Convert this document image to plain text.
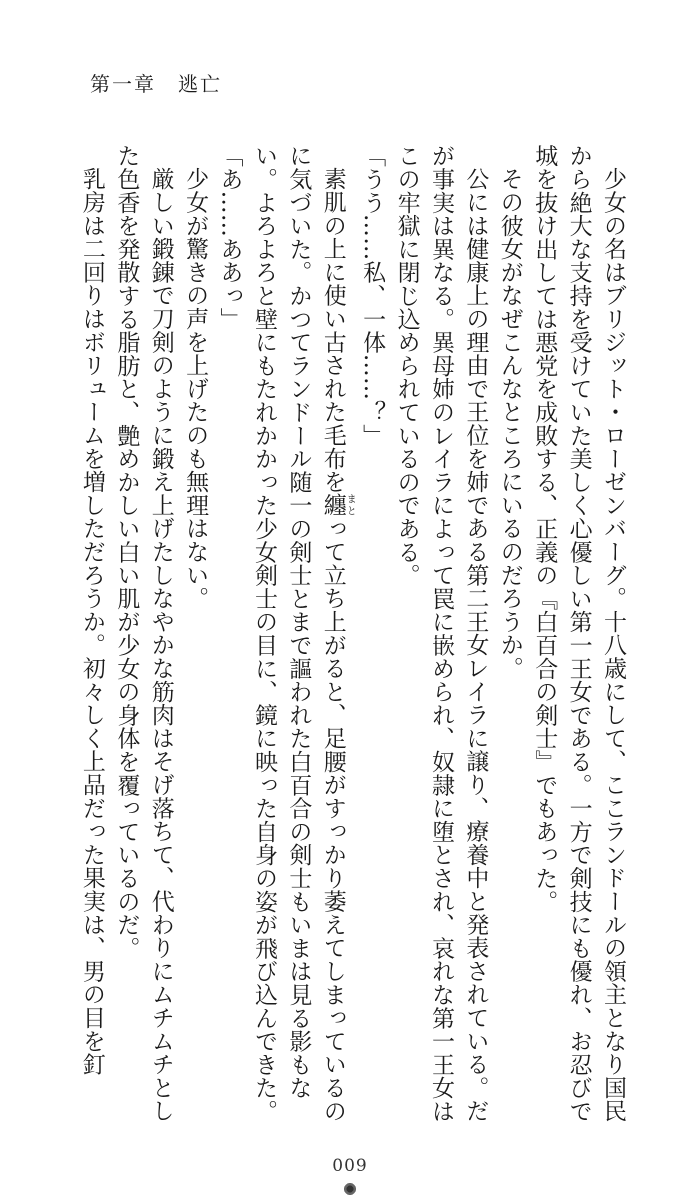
第一章 逃亡

少女の名はブリジット・ローゼンバーグ。十八歳にして、ここランドールの領主となり国民から絶大な支持を受けていた美しく心優しい第一王女である。一方で剣技にも優れ、お忍びで城を抜け出しては悪党を成敗する、正義の『白百合の剣士』でもあった。

その彼女がなぜこんなところにいるのだろうか。

公には健康上の理由で王位を姉である第二王女レイラに譲り、療養中と発表されている。だが事実は異なる。異母姉のレイラによって罠に嵌められ、奴隷に堕とされ、哀れな第一王女はこの牢獄に閉じ込められているのである。

「うう……私、一体……？」

素肌の上に使い古された毛布を纏まとって立ち上がると、足腰がすっかり萎えてしまっているのに気づいた。かつてランドール随一の剣士とまで謳われた白百合の剣士もいまは見る影もない。よろよろと壁にもたれかかった少女剣士の目に、鏡に映った自身の姿が飛び込んできた。

「あ……ああっ」

少女が驚きの声を上げたのも無理はない。

厳しい鍛錬で刀剣のように鍛え上げたしなやかな筋肉はそげ落ちて、代わりにムチムチとした色香を発散する脂肪と、艶めかしい白い肌が少女の身体を覆っているのだ。

乳房は二回りはボリュームを増しただろうか。初々しく上品だった果実は、男の目を釘

009
